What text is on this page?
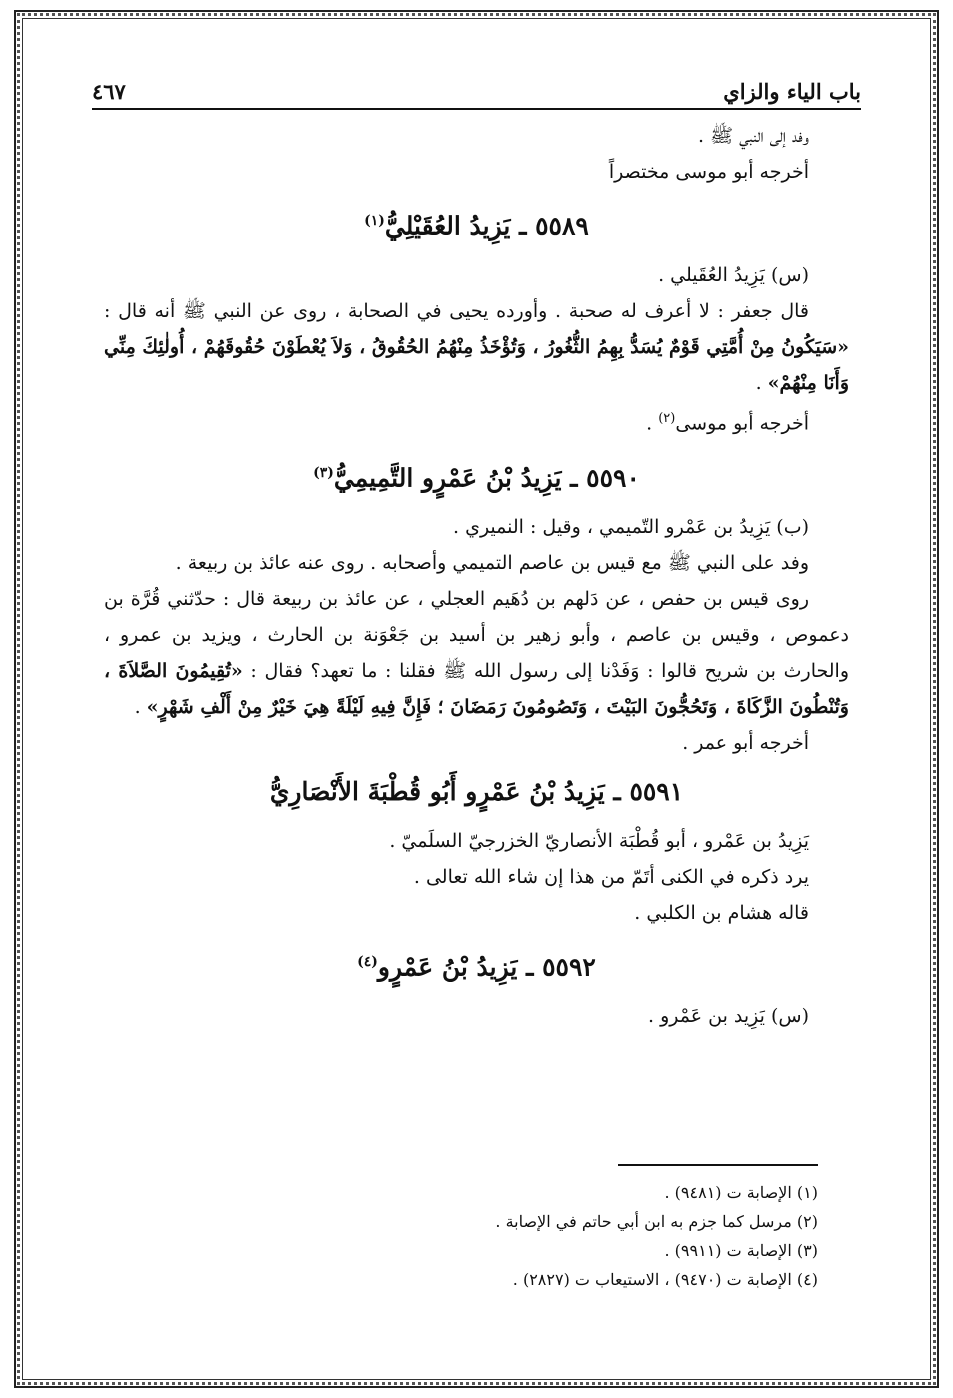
باب الياء والزاي
٤٦٧

وفد إلى النبي ﷺ .

أخرجه أبو موسى مختصراً

٥٥٨٩ ـ يَزِيدُ العُقَيْلِيُّ$^{(١)}$

(س) يَزِيدُ العُقَيلي .

قال جعفر : لا أعرف له صحبة . وأورده يحيى في الصحابة ، روى عن النبي ﷺ أنه قال : «سَيَكُونُ مِنْ أُمَّتِي قَوْمٌ يُسَدُّ بِهِمُ الثُّغُورُ ، وَتُؤْخَذُ مِنْهُمُ الحُقُوقُ ، وَلاَ يُعْطَوْنَ حُقُوقَهُمْ ، أُولٰئِكَ مِنِّي وَأَنَا مِنْهُمْ» .

أخرجه أبو موسى$^{(٢)}$ .

٥٥٩٠ ـ يَزِيدُ بْنُ عَمْرٍو التَّمِيمِيُّ$^{(٣)}$

(ب) يَزِيدُ بن عَمْرو التّميمي ، وقيل : النميري .

وفد على النبي ﷺ مع قيس بن عاصم التميمي وأصحابه . روى عنه عائذ بن ربيعة .

روى قيس بن حفص ، عن دَلهم بن دُهَيم العجلي ، عن عائذ بن ربيعة قال : حدّثني قُرَّة بن دعموص ، وقيس بن عاصم ، وأبو زهير بن أسيد بن جَعْوَنة بن الحارث ، ويزيد بن عمرو ، والحارث بن شريح قالوا : وَفَدْنا إلى رسول الله ﷺ فقلنا : ما تعهد؟ فقال : «تُقِيمُونَ الصَّلاَةَ ، وَتُنْطُونَ الزَّكَاةَ ، وَتَحُجُّونَ البَيْتَ ، وَتَصُومُونَ رَمَضَانَ ؛ فَإِنَّ فِيهِ لَيْلَةً هِيَ خَيْرٌ مِنْ أَلْفِ شَهْرٍ» .

أخرجه أبو عمر .

٥٥٩١ ـ يَزِيدُ بْنُ عَمْرٍو أَبُو قُطْبَةَ الأَنْصَارِيُّ

يَزِيدُ بن عَمْرو ، أبو قُطْبَة الأنصاريّ الخزرجيّ السلَميّ .

يرد ذكره في الكنى أتَمّ من هذا إن شاء الله تعالى .

قاله هشام بن الكلبي .

٥٥٩٢ ـ يَزِيدُ بْنُ عَمْرٍو$^{(٤)}$

(س) يَزِيد بن عَمْرو .

(١) الإصابة ت (٩٤٨١) .

(٢) مرسل كما جزم به ابن أبي حاتم في الإصابة .

(٣) الإصابة ت (٩٩١١) .

(٤) الإصابة ت (٩٤٧٠) ، الاستيعاب ت (٢٨٢٧) .
